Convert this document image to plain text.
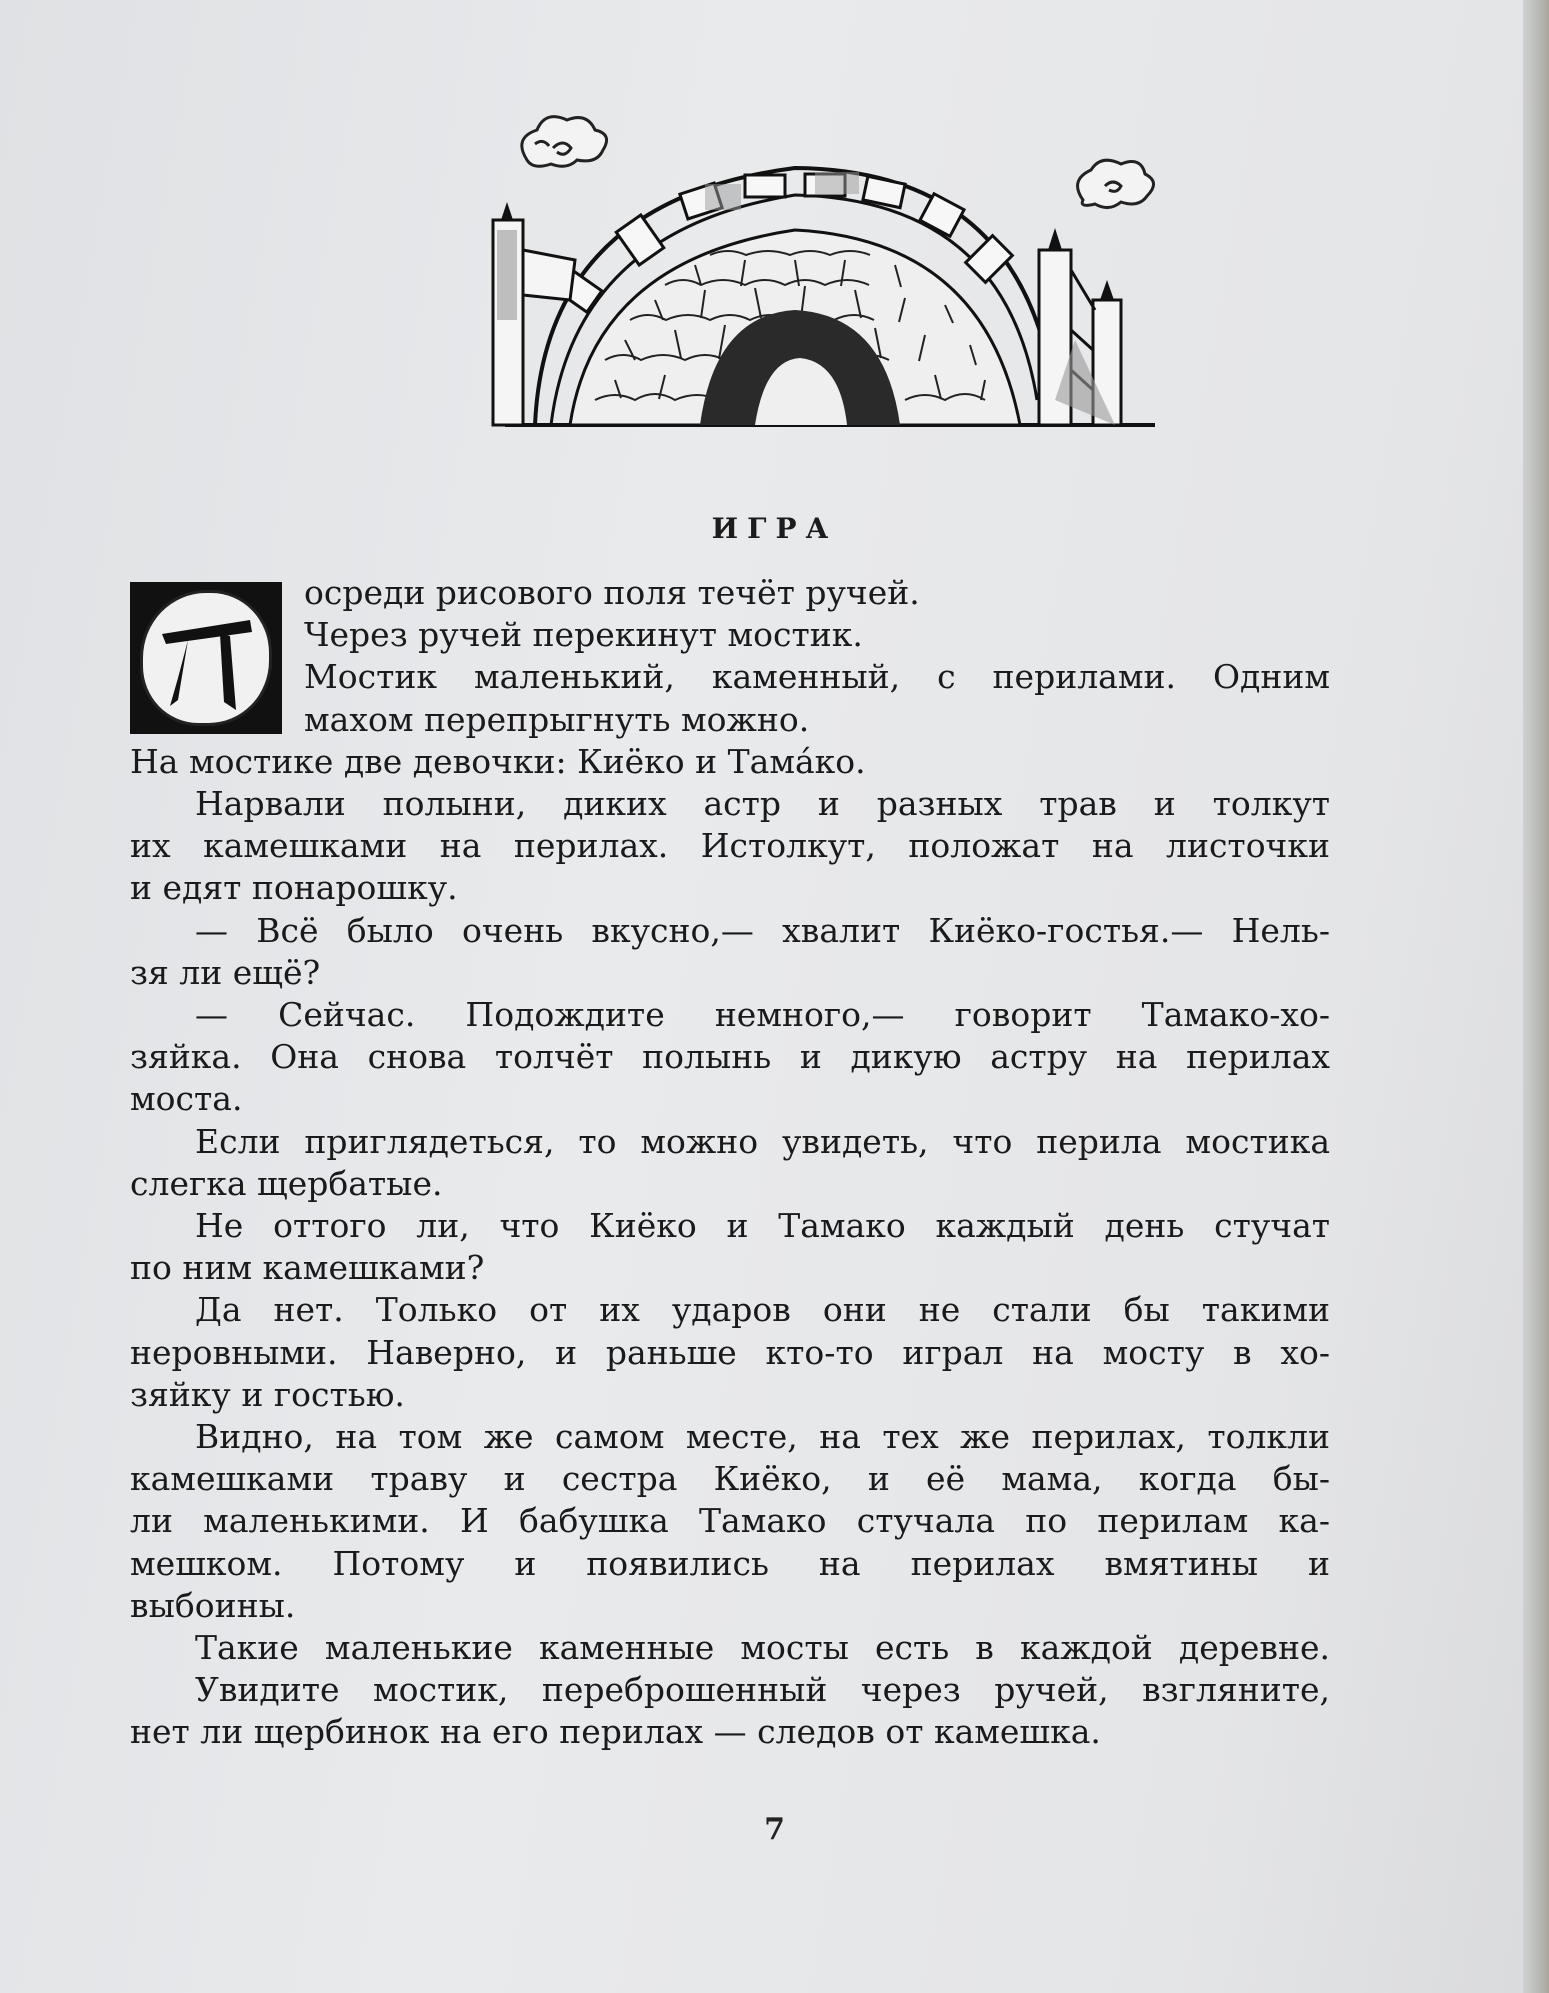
ИГРА

осреди рисового поля течёт ручей.
Через ручей перекинут мостик.
Мостик маленький, каменный, с перилами. Одним
махом перепрыгнуть можно.

На мостике две девочки: Киёко и Тамáко.

Нарвали полыни, диких астр и разных трав и толкут
их камешками на перилах. Истолкут, положат на листочки
и едят понарошку.

— Всё было очень вкусно,— хвалит Киёко-гостья.— Нель-
зя ли ещё?

— Сейчас. Подождите немного,— говорит Тамако-хо-
зяйка. Она снова толчёт полынь и дикую астру на перилах
моста.

Если приглядеться, то можно увидеть, что перила мостика
слегка щербатые.

Не оттого ли, что Киёко и Тамако каждый день стучат
по ним камешками?

Да нет. Только от их ударов они не стали бы такими
неровными. Наверно, и раньше кто-то играл на мосту в хо-
зяйку и гостью.

Видно, на том же самом месте, на тех же перилах, толкли
камешками траву и сестра Киёко, и её мама, когда бы-
ли маленькими. И бабушка Тамако стучала по перилам ка-
мешком. Потому и появились на перилах вмятины и
выбоины.

Такие маленькие каменные мосты есть в каждой деревне.

Увидите мостик, переброшенный через ручей, взгляните,
нет ли щербинок на его перилах — следов от камешка.

7
